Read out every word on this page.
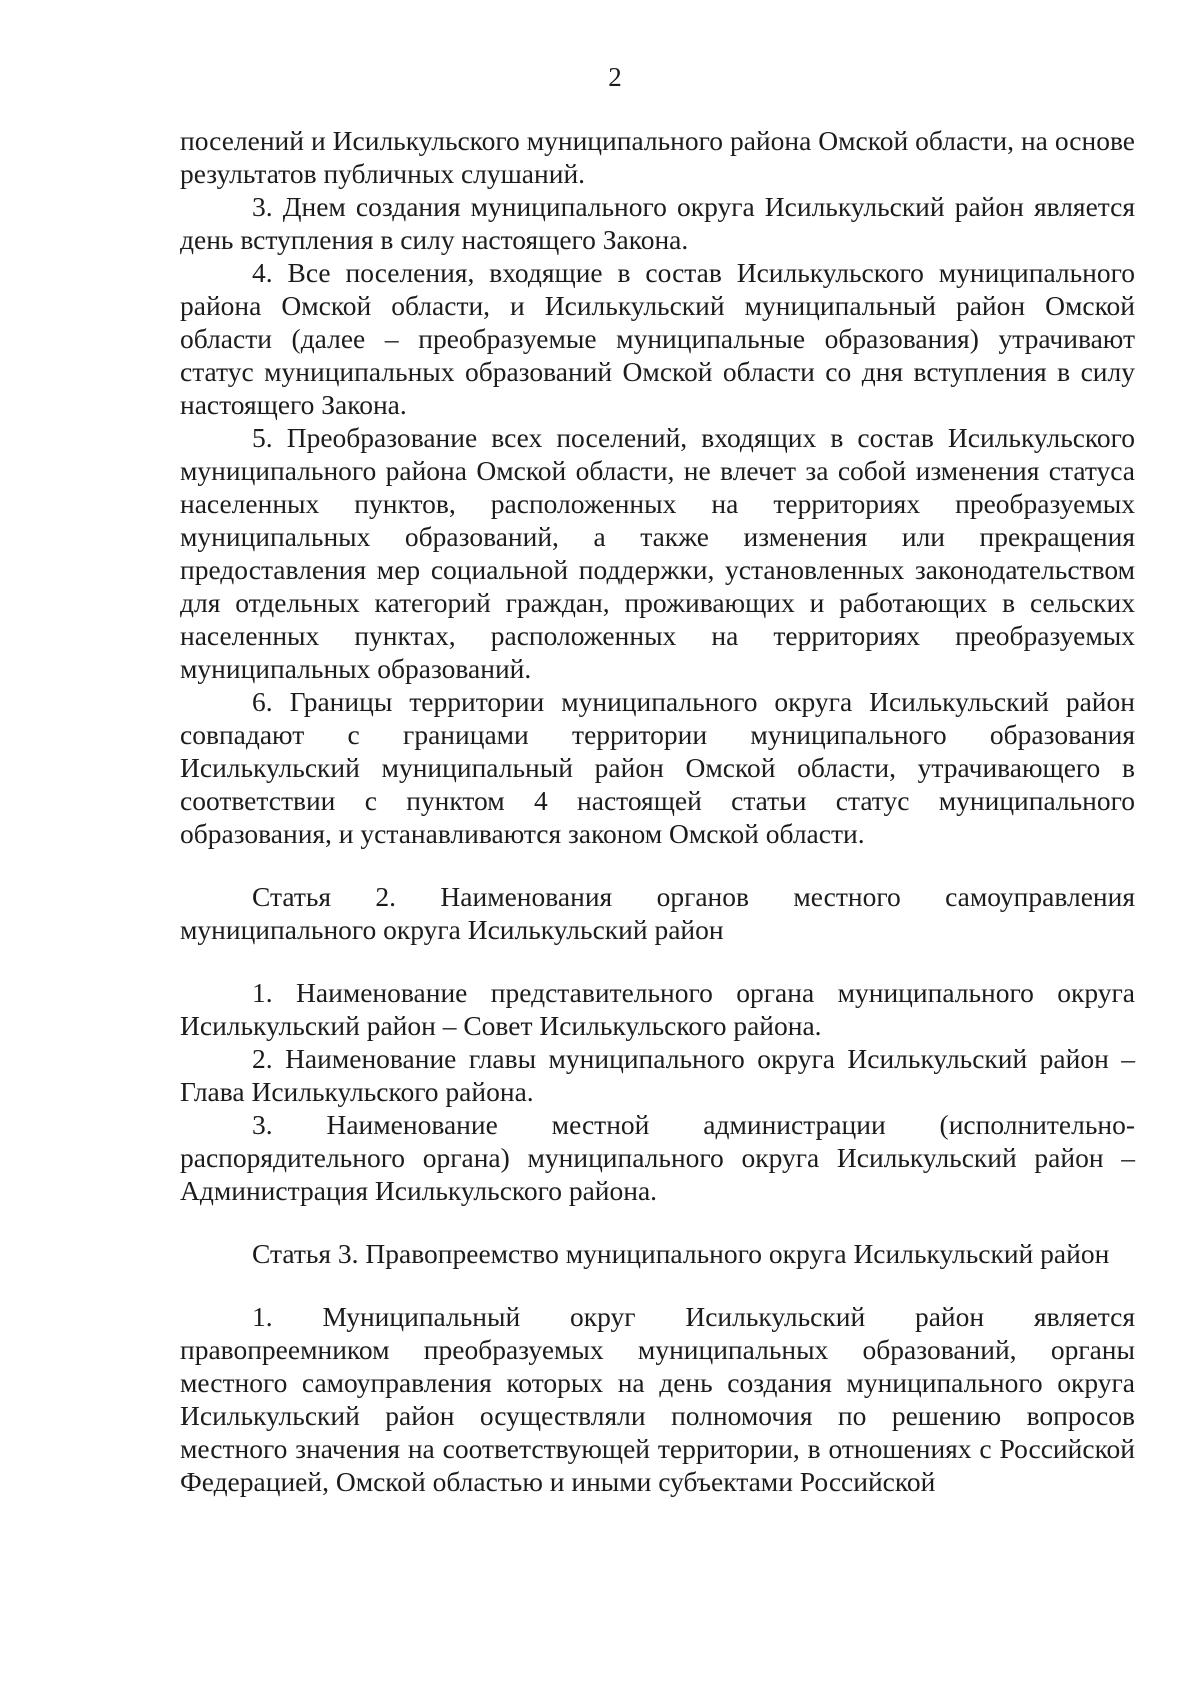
2

поселений и Исилькульского муниципального района Омской области, на основе результатов публичных слушаний.

3. Днем создания муниципального округа Исилькульский район является день вступления в силу настоящего Закона.

4. Все поселения, входящие в состав Исилькульского муниципального района Омской области, и Исилькульский муниципальный район Омской области (далее – преобразуемые муниципальные образования) утрачивают статус муниципальных образований Омской области со дня вступления в силу настоящего Закона.

5. Преобразование всех поселений, входящих в состав Исилькульского муниципального района Омской области, не влечет за собой изменения статуса населенных пунктов, расположенных на территориях преобразуемых муниципальных образований, а также изменения или прекращения предоставления мер социальной поддержки, установленных законодательством для отдельных категорий граждан, проживающих и работающих в сельских населенных пунктах, расположенных на территориях преобразуемых муниципальных образований.

6. Границы территории муниципального округа Исилькульский район совпадают с границами территории муниципального образования Исилькульский муниципальный район Омской области, утрачивающего в соответствии с пунктом 4 настоящей статьи статус муниципального образования, и устанавливаются законом Омской области.

Статья 2. Наименования органов местного самоуправления муниципального округа Исилькульский район

1. Наименование представительного органа муниципального округа Исилькульский район – Совет Исилькульского района.

2. Наименование главы муниципального округа Исилькульский район – Глава Исилькульского района.

3. Наименование местной администрации (исполнительно-распорядительного органа) муниципального округа Исилькульский район – Администрация Исилькульского района.

Статья 3. Правопреемство муниципального округа Исилькульский район

1. Муниципальный округ Исилькульский район является правопреемником преобразуемых муниципальных образований, органы местного самоуправления которых на день создания муниципального округа Исилькульский район осуществляли полномочия по решению вопросов местного значения на соответствующей территории, в отношениях с Российской Федерацией, Омской областью и иными субъектами Российской
